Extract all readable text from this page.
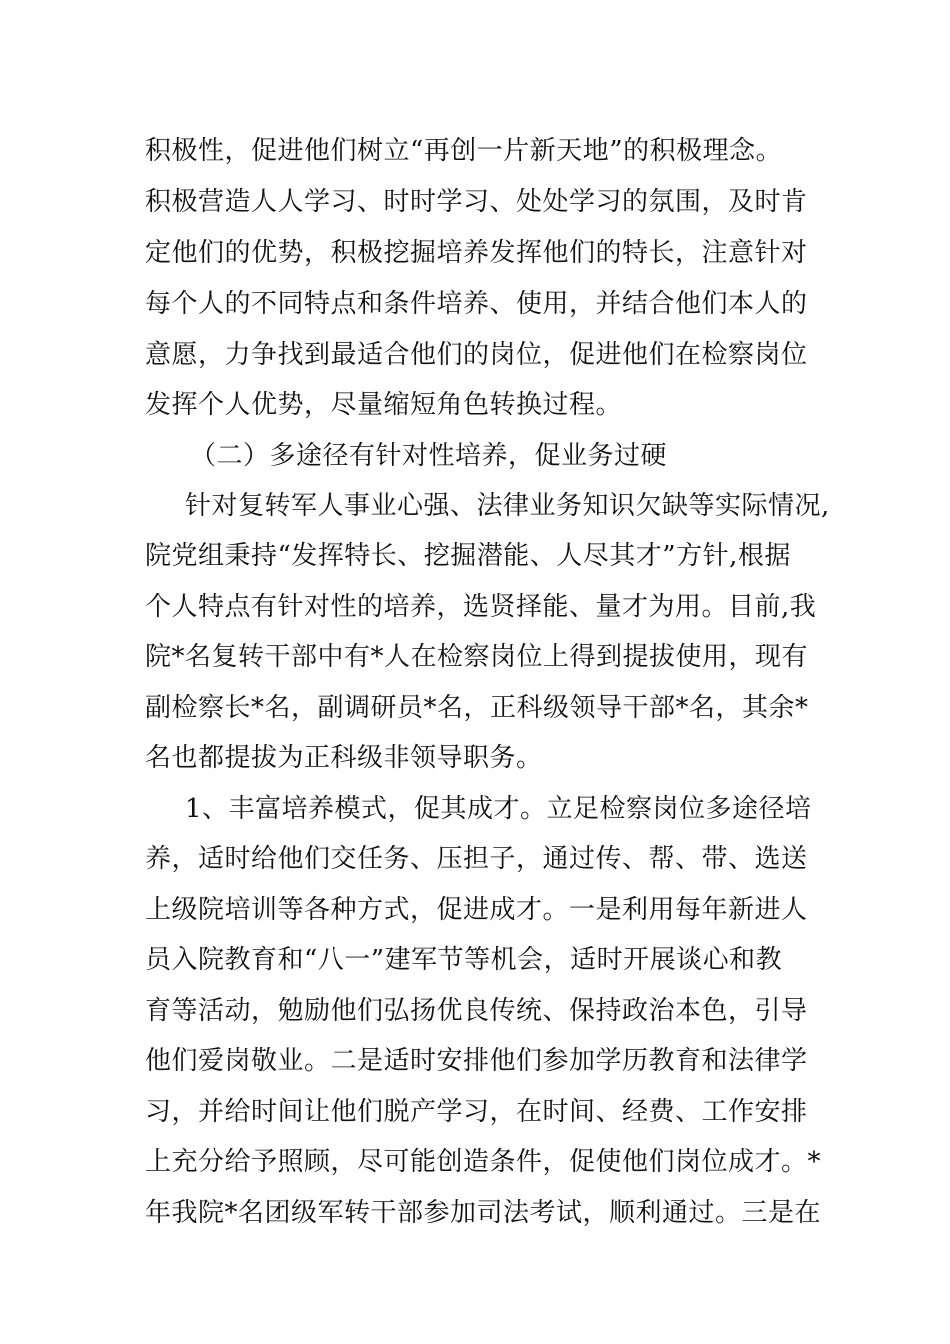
积极性，促进他们树立“再创一片新天地”的积极理念。
积极营造人人学习、时时学习、处处学习的氛围，及时肯
定他们的优势，积极挖掘培养发挥他们的特长，注意针对
每个人的不同特点和条件培养、使用，并结合他们本人的
意愿，力争找到最适合他们的岗位，促进他们在检察岗位
发挥个人优势，尽量缩短角色转换过程。
（二）多途径有针对性培养，促业务过硬
针对复转军人事业心强、法律业务知识欠缺等实际情况,
院党组秉持“发挥特长、挖掘潜能、人尽其才”方针,根据
个人特点有针对性的培养，选贤择能、量才为用。目前,我
院*名复转干部中有*人在检察岗位上得到提拔使用，现有
副检察长*名，副调研员*名，正科级领导干部*名，其余*
名也都提拔为正科级非领导职务。
1、丰富培养模式，促其成才。立足检察岗位多途径培
养，适时给他们交任务、压担子，通过传、帮、带、选送
上级院培训等各种方式，促进成才。一是利用每年新进人
员入院教育和“八一”建军节等机会，适时开展谈心和教
育等活动，勉励他们弘扬优良传统、保持政治本色，引导
他们爱岗敬业。二是适时安排他们参加学历教育和法律学
习，并给时间让他们脱产学习，在时间、经费、工作安排
上充分给予照顾，尽可能创造条件，促使他们岗位成才。*
年我院*名团级军转干部参加司法考试，顺利通过。三是在
